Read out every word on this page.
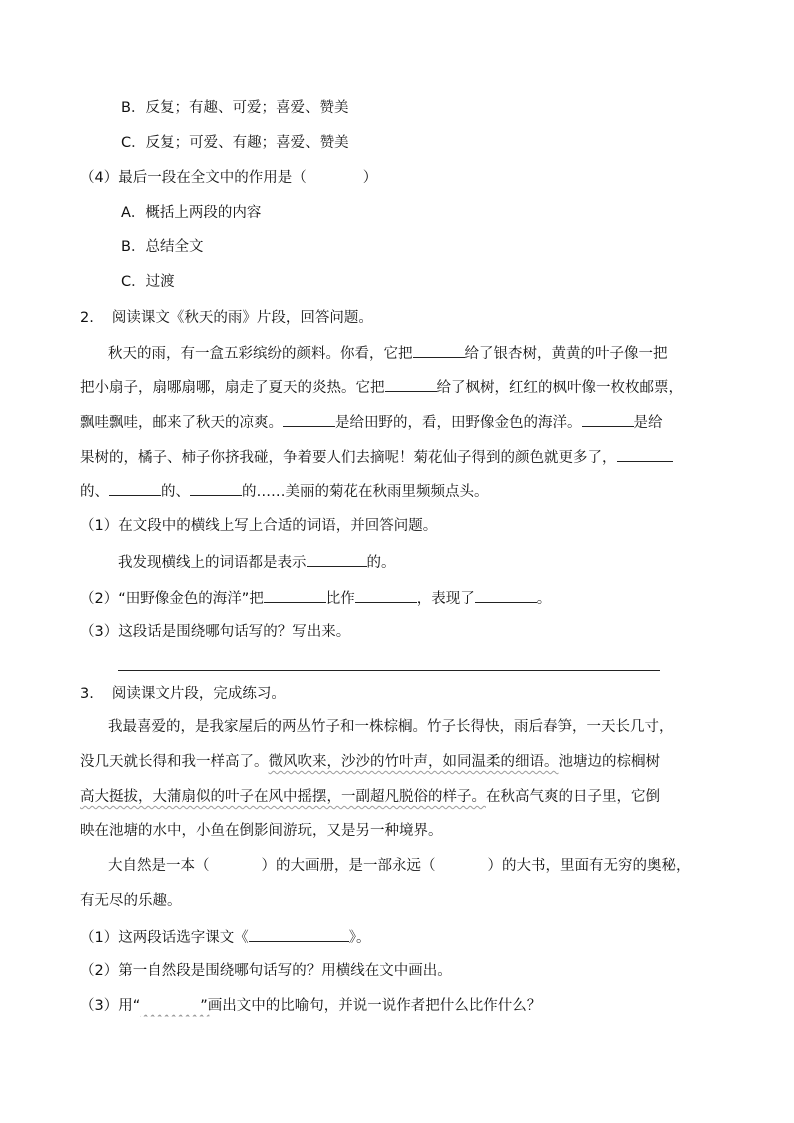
B．反复；有趣、可爱；喜爱、赞美
C．反复；可爱、有趣；喜爱、赞美
（4）最后一段在全文中的作用是（	）
A．概括上两段的内容
B．总结全文
C．过渡
2. 阅读课文《秋天的雨》片段，回答问题。
秋天的雨，有一盒五彩缤纷的颜料。你看，它把	给了银杏树，黄黄的叶子像一把
把小扇子，扇哪扇哪，扇走了夏天的炎热。它把	给了枫树，红红的枫叶像一枚枚邮票，
飘哇飘哇，邮来了秋天的凉爽。	是给田野的，看，田野像金色的海洋。	是给
果树的，橘子、柿子你挤我碰，争着要人们去摘呢！菊花仙子得到的颜色就更多了，
的、	的、	的……美丽的菊花在秋雨里频频点头。
（1）在文段中的横线上写上合适的词语，并回答问题。
我发现横线上的词语都是表示	的。
（2）“田野像金色的海洋”把	比作	，表现了	。
（3）这段话是围绕哪句话写的？写出来。
3. 阅读课文片段，完成练习。
我最喜爱的，是我家屋后的两丛竹子和一株棕榈。竹子长得快，雨后春笋，一天长几寸，
没几天就长得和我一样高了。微风吹来，沙沙的竹叶声，如同温柔的细语。池塘边的棕榈树
高大挺拔，大蒲扇似的叶子在风中摇摆，一副超凡脱俗的样子。在秋高气爽的日子里，它倒
映在池塘的水中，小鱼在倒影间游玩，又是另一种境界。
大自然是一本（	）的大画册，是一部永远（	）的大书，里面有无穷的奥秘，
有无尽的乐趣。
（1）这两段话选字课文《	》。
（2）第一自然段是围绕哪句话写的？用横线在文中画出。
（3）用“​               ”画出文中的比喻句，并说一说作者把什么比作什么？
